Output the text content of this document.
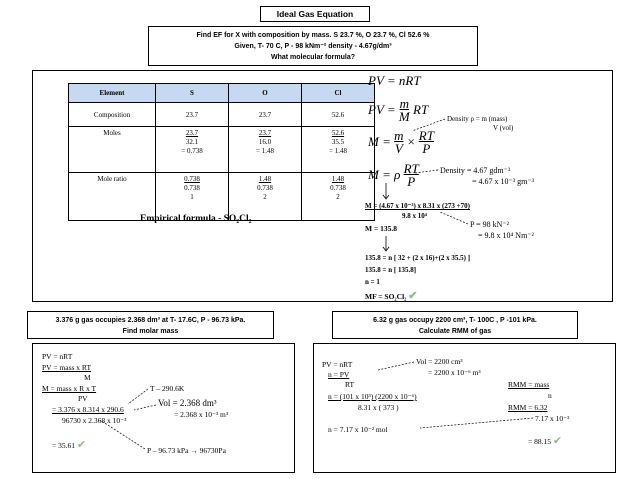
Ideal Gas Equation
Find EF for X with composition by mass. S 23.7 %, O 23.7 %, Cl 52.6 %
Given, T- 70 C, P - 98 kNm⁻² density - 4.67g/dm³
What molecular formula?
Element	S	O	Cl
Composition	23.7	23.7	52.6
Moles	23.7
32.1
= 0.738	23.7
16.0
= 1.48	52.6
35.5
= 1.48

Mole ratio	0.738
0.738
1	1.48
0.738
2	1.48
0.738
2
Empirical formula - SO₂Cl₂
PV = nRT
PV = $\frac{m}{M}$ RT
$M = \frac{m}{V} \times \frac{RT}{P}$
M = ρ $\frac{RT}{P}$
Density ρ = m (mass)
V (vol)
Density = 4.67 gdm⁻³
= 4.67 x 10⁻³ gm⁻³
M = (4.67 x 10⁻³) x 8.31 x (273 +70)
9.8 x 10⁴
P = 98 kN⁻²
= 9.8 x 10⁴ Nm⁻²
M = 135.8
135.8 = n [ 32 + (2 x 16)+(2 x 35.5) ]
135.8 = n [ 135.8]
n = 1
MF = SO₂Cl₂ ✔
3.376 g gas occupies 2.368 dm³ at T- 17.6C, P - 96.73 kPa.
Find molar mass
PV = nRT
PV = mass x RT
M
M = mass x R x T
PV
= 3.376 x 8.314 x 290.6
96730 x 2.368 x 10⁻³
= 35.61 ✔
T – 290.6K
Vol = 2.368 dm³
= 2.368 x 10⁻³ m³
P – 96.73 kPa → 96730Pa
6.32 g gas occupy 2200 cm³, T- 100C , P -101 kPa.
Calculate RMM of gas
PV = nRT
n = PV
RT
n = (101 x 10³) (2200 x 10⁻⁶)
8.31 x ( 373 )
n = 7.17 x 10⁻² mol
Vol = 2200 cm³
= 2200 x 10⁻⁶ m³
RMM = mass
n
RMM = 6.32
7.17 x 10⁻²
= 88.15 ✔
